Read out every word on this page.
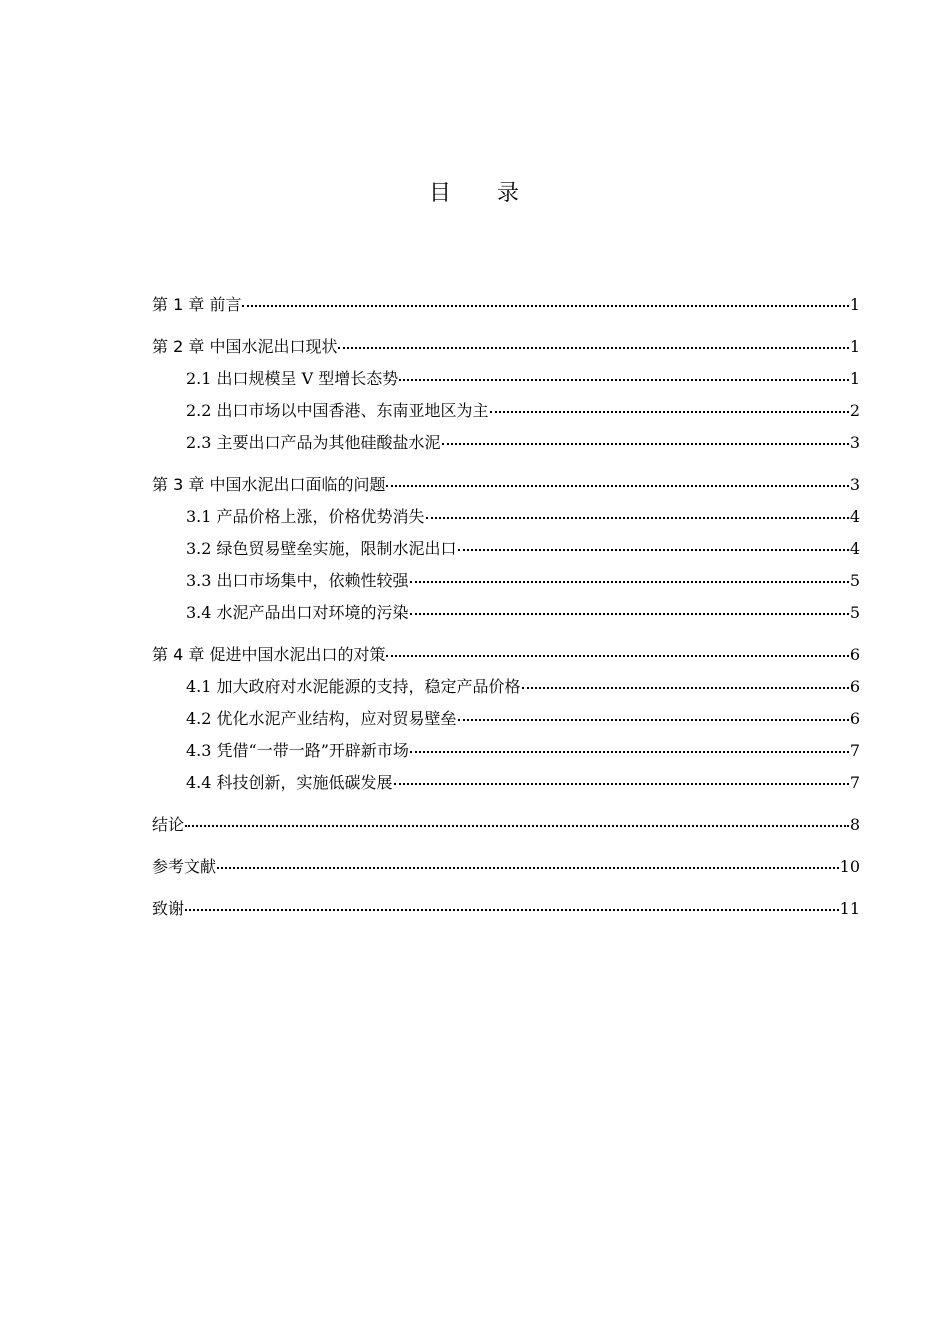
目 录
第 1 章 前言	1
第 2 章 中国水泥出口现状	1
2.1 出口规模呈 V 型增长态势	1
2.2 出口市场以中国香港、东南亚地区为主	2
2.3 主要出口产品为其他硅酸盐水泥	3
第 3 章 中国水泥出口面临的问题	3
3.1 产品价格上涨，价格优势消失	4
3.2 绿色贸易壁垒实施，限制水泥出口	4
3.3 出口市场集中，依赖性较强	5
3.4 水泥产品出口对环境的污染	5
第 4 章 促进中国水泥出口的对策	6
4.1 加大政府对水泥能源的支持，稳定产品价格	6
4.2 优化水泥产业结构，应对贸易壁垒	6
4.3 凭借“一带一路”开辟新市场	7
4.4 科技创新，实施低碳发展	7
结论	8
参考文献	10
致谢	11
